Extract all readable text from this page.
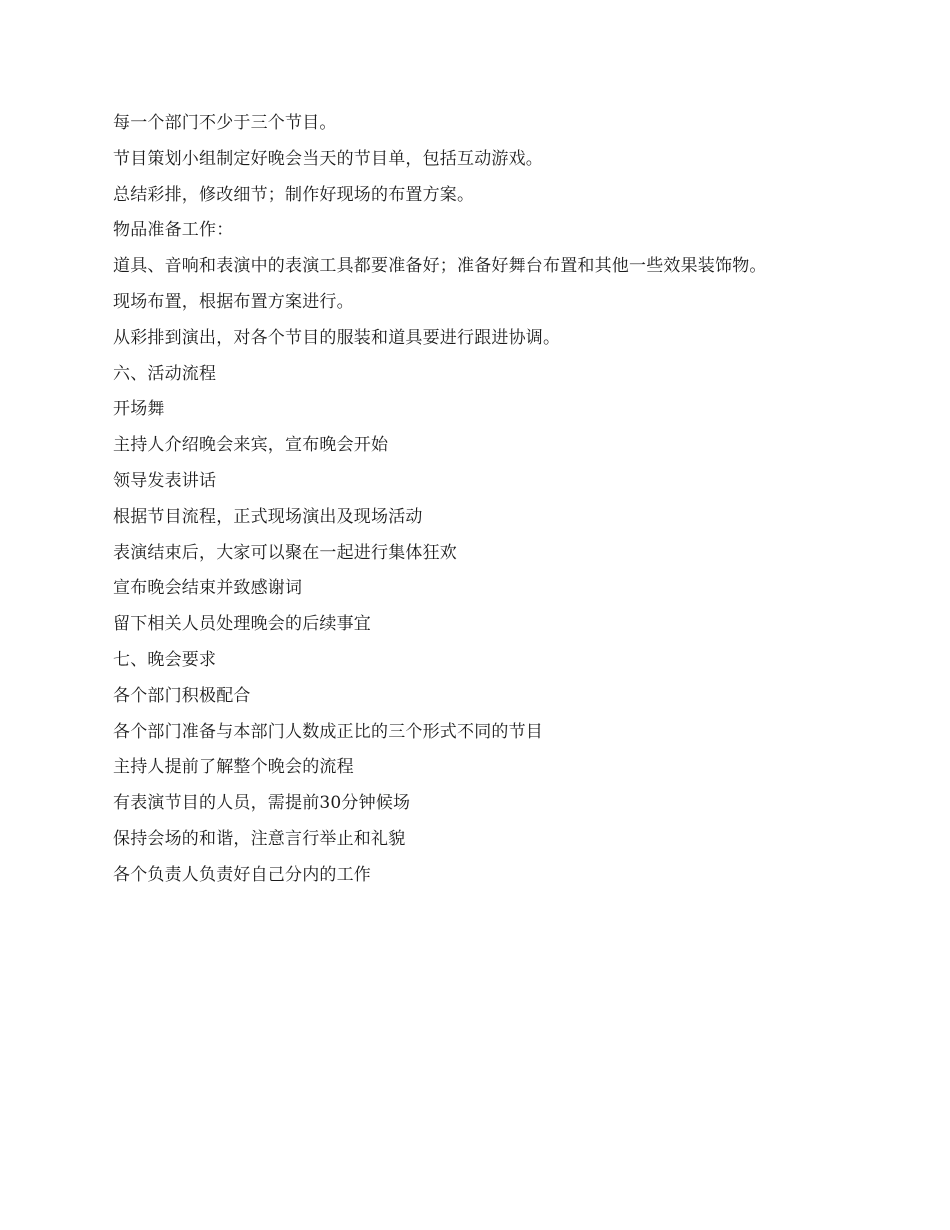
每一个部门不少于三个节目。
节目策划小组制定好晚会当天的节目单，包括互动游戏。
总结彩排，修改细节；制作好现场的布置方案。
物品准备工作：
道具、音响和表演中的表演工具都要准备好；准备好舞台布置和其他一些效果装饰物。
现场布置，根据布置方案进行。
从彩排到演出，对各个节目的服装和道具要进行跟进协调。
六、活动流程
开场舞
主持人介绍晚会来宾，宣布晚会开始
领导发表讲话
根据节目流程，正式现场演出及现场活动
表演结束后，大家可以聚在一起进行集体狂欢
宣布晚会结束并致感谢词
留下相关人员处理晚会的后续事宜
七、晚会要求
各个部门积极配合
各个部门准备与本部门人数成正比的三个形式不同的节目
主持人提前了解整个晚会的流程
有表演节目的人员，需提前30分钟候场
保持会场的和谐，注意言行举止和礼貌
各个负责人负责好自己分内的工作
